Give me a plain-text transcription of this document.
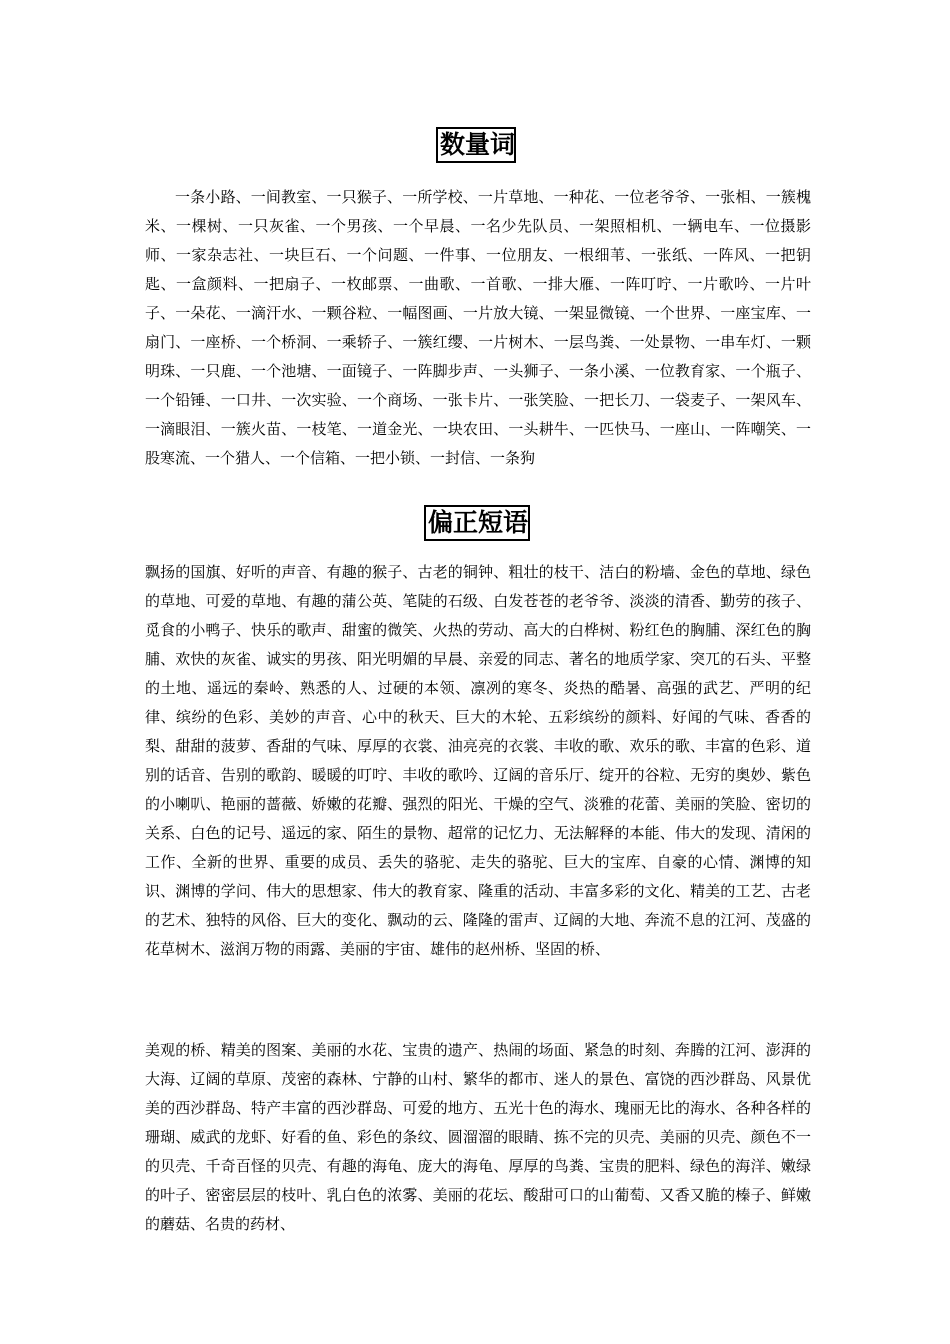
数量词

一条小路、一间教室、一只猴子、一所学校、一片草地、一种花、一位老爷爷、一张相、一簇槐米、一棵树、一只灰雀、一个男孩、一个早晨、一名少先队员、一架照相机、一辆电车、一位摄影师、一家杂志社、一块巨石、一个问题、一件事、一位朋友、一根细苇、一张纸、一阵风、一把钥匙、一盒颜料、一把扇子、一枚邮票、一曲歌、一首歌、一排大雁、一阵叮咛、一片歌吟、一片叶子、一朵花、一滴汗水、一颗谷粒、一幅图画、一片放大镜、一架显微镜、一个世界、一座宝库、一扇门、一座桥、一个桥洞、一乘轿子、一簇红缨、一片树木、一层鸟粪、一处景物、一串车灯、一颗明珠、一只鹿、一个池塘、一面镜子、一阵脚步声、一头狮子、一条小溪、一位教育家、一个瓶子、一个铅锤、一口井、一次实验、一个商场、一张卡片、一张笑脸、一把长刀、一袋麦子、一架风车、一滴眼泪、一簇火苗、一枝笔、一道金光、一块农田、一头耕牛、一匹快马、一座山、一阵嘲笑、一股寒流、一个猎人、一个信箱、一把小锁、一封信、一条狗

偏正短语

飘扬的国旗、好听的声音、有趣的猴子、古老的铜钟、粗壮的枝干、洁白的粉墙、金色的草地、绿色的草地、可爱的草地、有趣的蒲公英、笔陡的石级、白发苍苍的老爷爷、淡淡的清香、勤劳的孩子、觅食的小鸭子、快乐的歌声、甜蜜的微笑、火热的劳动、高大的白桦树、粉红色的胸脯、深红色的胸脯、欢快的灰雀、诚实的男孩、阳光明媚的早晨、亲爱的同志、著名的地质学家、突兀的石头、平整的土地、遥远的秦岭、熟悉的人、过硬的本领、凛冽的寒冬、炎热的酷暑、高强的武艺、严明的纪律、缤纷的色彩、美妙的声音、心中的秋天、巨大的木轮、五彩缤纷的颜料、好闻的气味、香香的梨、甜甜的菠萝、香甜的气味、厚厚的衣裳、油亮亮的衣裳、丰收的歌、欢乐的歌、丰富的色彩、道别的话音、告别的歌韵、暖暖的叮咛、丰收的歌吟、辽阔的音乐厅、绽开的谷粒、无穷的奥妙、紫色的小喇叭、艳丽的蔷薇、娇嫩的花瓣、强烈的阳光、干燥的空气、淡雅的花蕾、美丽的笑脸、密切的关系、白色的记号、遥远的家、陌生的景物、超常的记忆力、无法解释的本能、伟大的发现、清闲的工作、全新的世界、重要的成员、丢失的骆驼、走失的骆驼、巨大的宝库、自豪的心情、渊博的知识、渊博的学问、伟大的思想家、伟大的教育家、隆重的活动、丰富多彩的文化、精美的工艺、古老的艺术、独特的风俗、巨大的变化、飘动的云、隆隆的雷声、辽阔的大地、奔流不息的江河、茂盛的花草树木、滋润万物的雨露、美丽的宇宙、雄伟的赵州桥、坚固的桥、

美观的桥、精美的图案、美丽的水花、宝贵的遗产、热闹的场面、紧急的时刻、奔腾的江河、澎湃的大海、辽阔的草原、茂密的森林、宁静的山村、繁华的都市、迷人的景色、富饶的西沙群岛、风景优美的西沙群岛、特产丰富的西沙群岛、可爱的地方、五光十色的海水、瑰丽无比的海水、各种各样的珊瑚、威武的龙虾、好看的鱼、彩色的条纹、圆溜溜的眼睛、拣不完的贝壳、美丽的贝壳、颜色不一的贝壳、千奇百怪的贝壳、有趣的海龟、庞大的海龟、厚厚的鸟粪、宝贵的肥料、绿色的海洋、嫩绿的叶子、密密层层的枝叶、乳白色的浓雾、美丽的花坛、酸甜可口的山葡萄、又香又脆的榛子、鲜嫩的蘑菇、名贵的药材、
